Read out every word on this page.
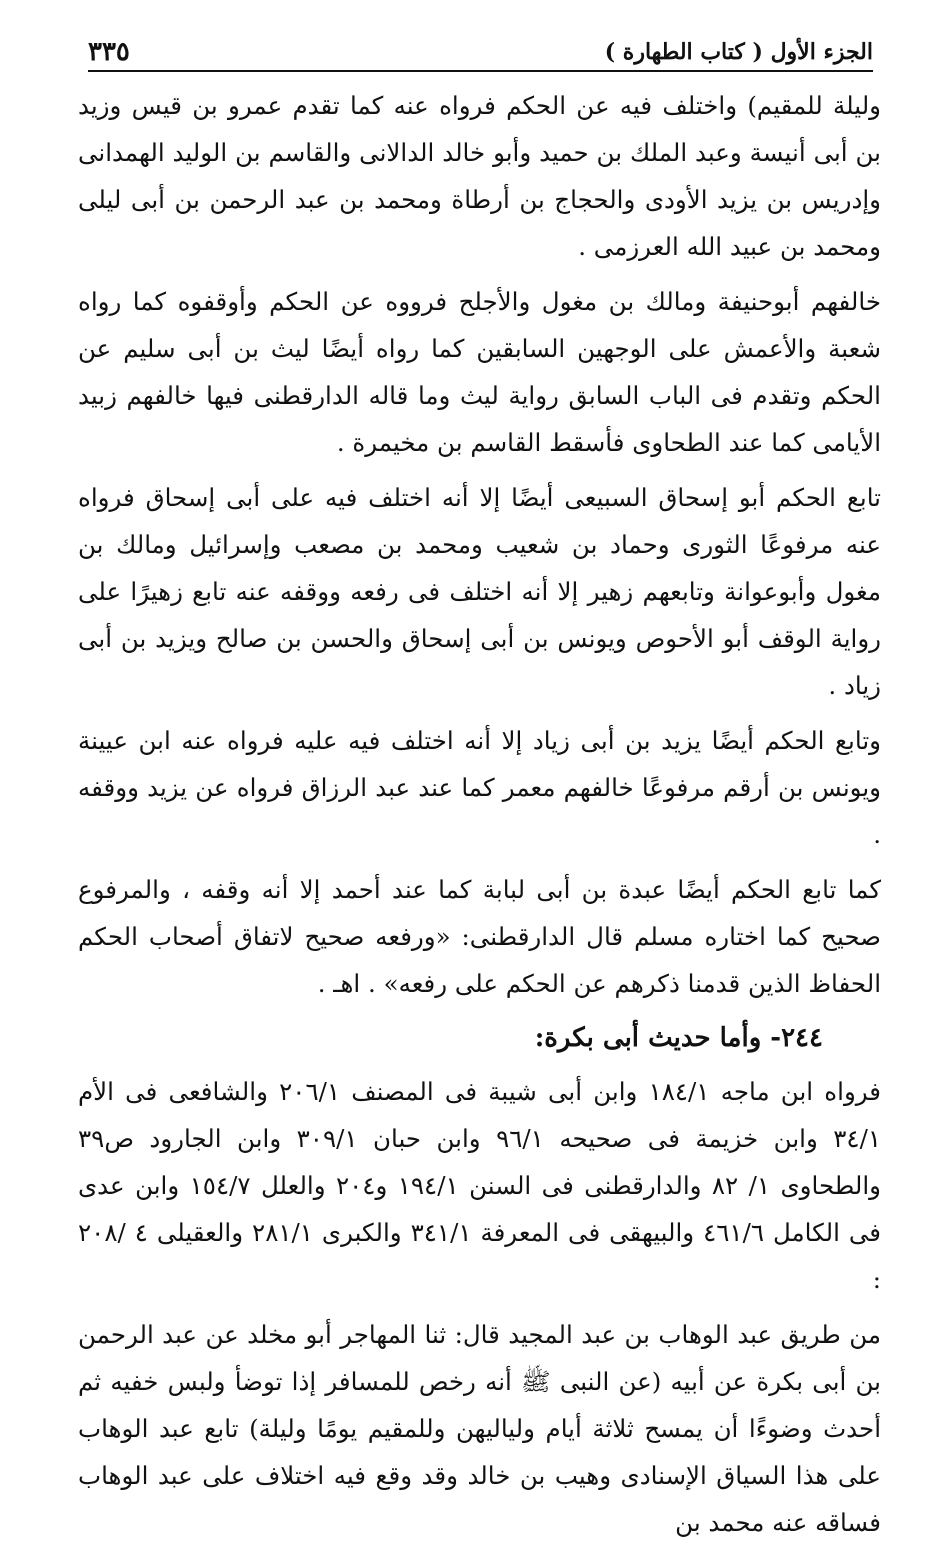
الجزء الأول ( كتاب الطهارة )
٣٣٥

وليلة للمقيم) واختلف فيه عن الحكم فرواه عنه كما تقدم عمرو بن قيس وزيد بن أبى أنيسة وعبد الملك بن حميد وأبو خالد الدالانى والقاسم بن الوليد الهمدانى وإدريس بن يزيد الأودى والحجاج بن أرطاة ومحمد بن عبد الرحمن بن أبى ليلى ومحمد بن عبيد الله العرزمى .

خالفهم أبوحنيفة ومالك بن مغول والأجلح فرووه عن الحكم وأوقفوه كما رواه شعبة والأعمش على الوجهين السابقين كما رواه أيضًا ليث بن أبى سليم عن الحكم وتقدم فى الباب السابق رواية ليث وما قاله الدارقطنى فيها خالفهم زبيد الأيامى كما عند الطحاوى فأسقط القاسم بن مخيمرة .

تابع الحكم أبو إسحاق السبيعى أيضًا إلا أنه اختلف فيه على أبى إسحاق فرواه عنه مرفوعًا الثورى وحماد بن شعيب ومحمد بن مصعب وإسرائيل ومالك بن مغول وأبوعوانة وتابعهم زهير إلا أنه اختلف فى رفعه ووقفه عنه تابع زهيرًا على رواية الوقف أبو الأحوص ويونس بن أبى إسحاق والحسن بن صالح ويزيد بن أبى زياد .

وتابع الحكم أيضًا يزيد بن أبى زياد إلا أنه اختلف فيه عليه فرواه عنه ابن عيينة ويونس بن أرقم مرفوعًا خالفهم معمر كما عند عبد الرزاق فرواه عن يزيد ووقفه .

كما تابع الحكم أيضًا عبدة بن أبى لبابة كما عند أحمد إلا أنه وقفه ، والمرفوع صحيح كما اختاره مسلم قال الدارقطنى: «ورفعه صحيح لاتفاق أصحاب الحكم الحفاظ الذين قدمنا ذكرهم عن الحكم على رفعه» . اهـ .

٢٤٤- وأما حديث أبى بكرة:

فرواه ابن ماجه ١٨٤/١ وابن أبى شيبة فى المصنف ٢٠٦/١ والشافعى فى الأم ٣٤/١ وابن خزيمة فى صحيحه ٩٦/١ وابن حبان ٣٠٩/١ وابن الجارود ص٣٩ والطحاوى ١/ ٨٢ والدارقطنى فى السنن ١٩٤/١ و٢٠٤ والعلل ١٥٤/٧ وابن عدى فى الكامل ٤٦١/٦ والبيهقى فى المعرفة ٣٤١/١ والكبرى ٢٨١/١ والعقيلى ٤ /٢٠٨ :

من طريق عبد الوهاب بن عبد المجيد قال: ثنا المهاجر أبو مخلد عن عبد الرحمن بن أبى بكرة عن أبيه (عن النبى ﷺ أنه رخص للمسافر إذا توضأ ولبس خفيه ثم أحدث وضوءًا أن يمسح ثلاثة أيام ولياليهن وللمقيم يومًا وليلة) تابع عبد الوهاب على هذا السياق الإسنادى وهيب بن خالد وقد وقع فيه اختلاف على عبد الوهاب فساقه عنه محمد بن
